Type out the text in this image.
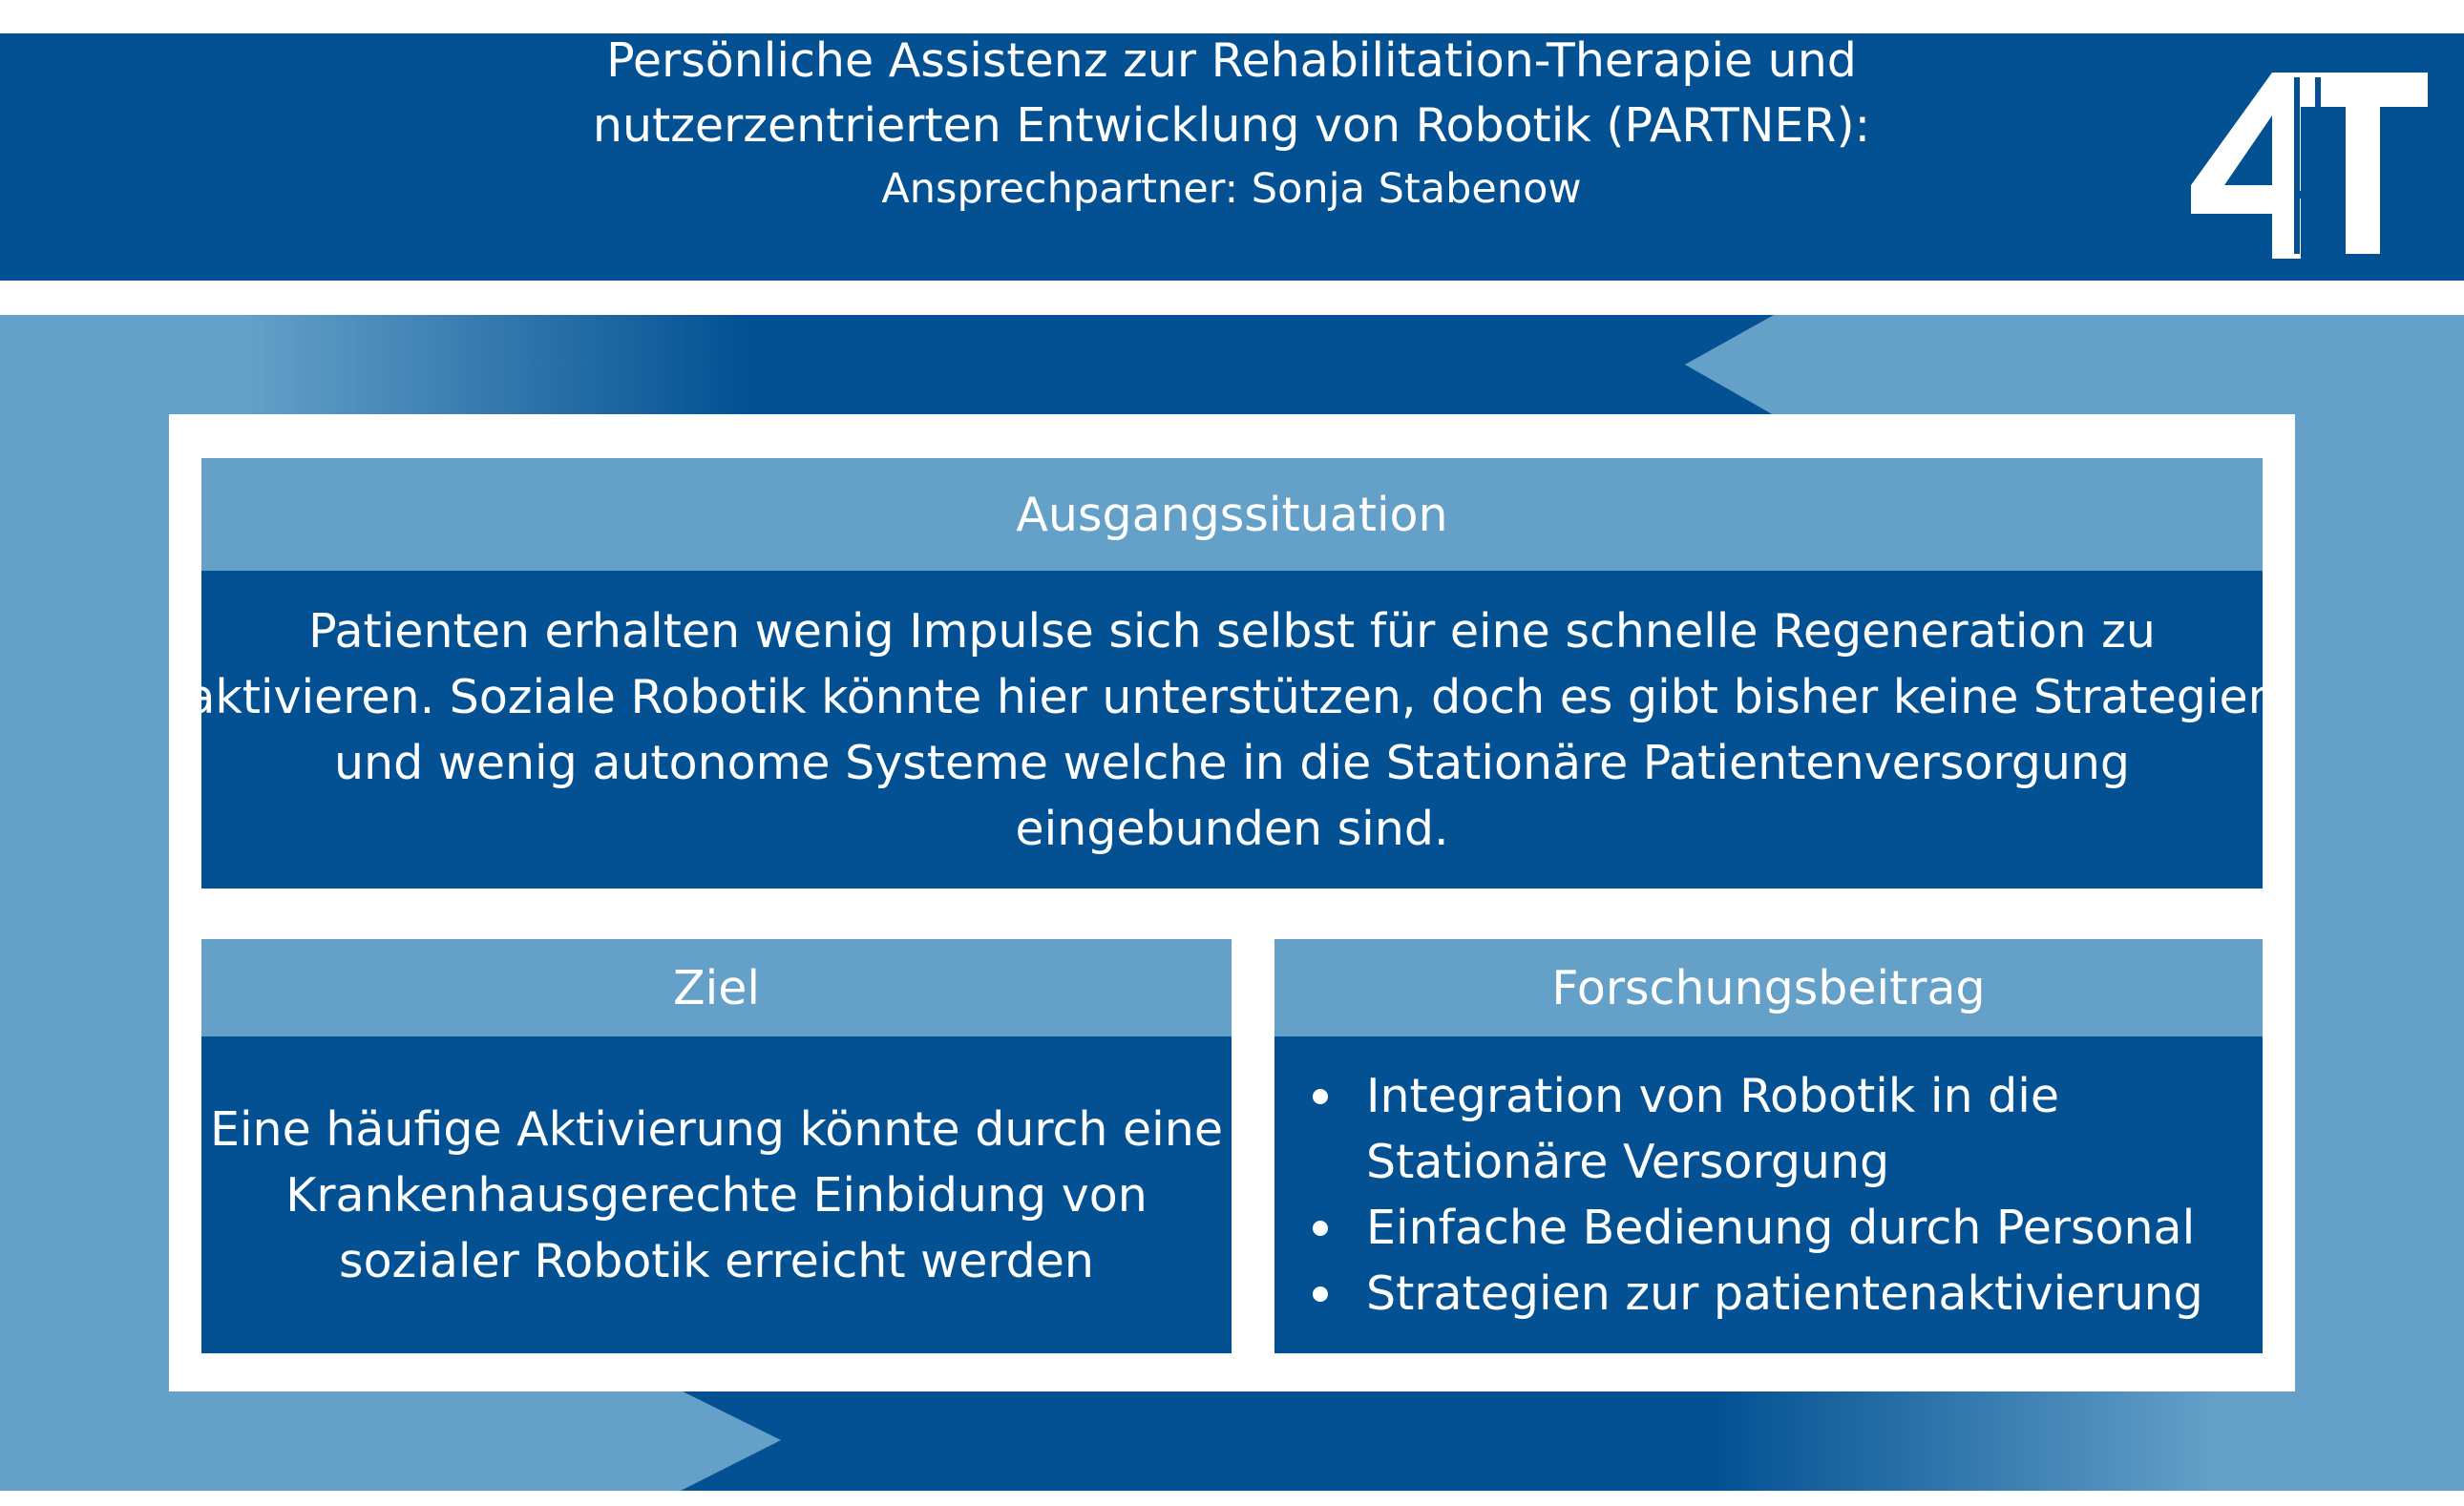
Persönliche Assistenz zur Rehabilitation-Therapie und
nutzerzentrierten Entwicklung von Robotik (PARTNER):
Ansprechpartner: Sonja Stabenow
Ausgangssituation
Patienten erhalten wenig Impulse sich selbst für eine schnelle Regeneration zu
aktivieren. Soziale Robotik könnte hier unterstützen, doch es gibt bisher keine Strategien
und wenig autonome Systeme welche in die Stationäre Patientenversorgung
eingebunden sind.
Ziel
Eine häufige Aktivierung könnte durch eine
Krankenhausgerechte Einbidung von
sozialer Robotik erreicht werden
Forschungsbeitrag
Integration von Robotik in die
Stationäre Versorgung
Einfache Bedienung durch Personal
Strategien zur patientenaktivierung
